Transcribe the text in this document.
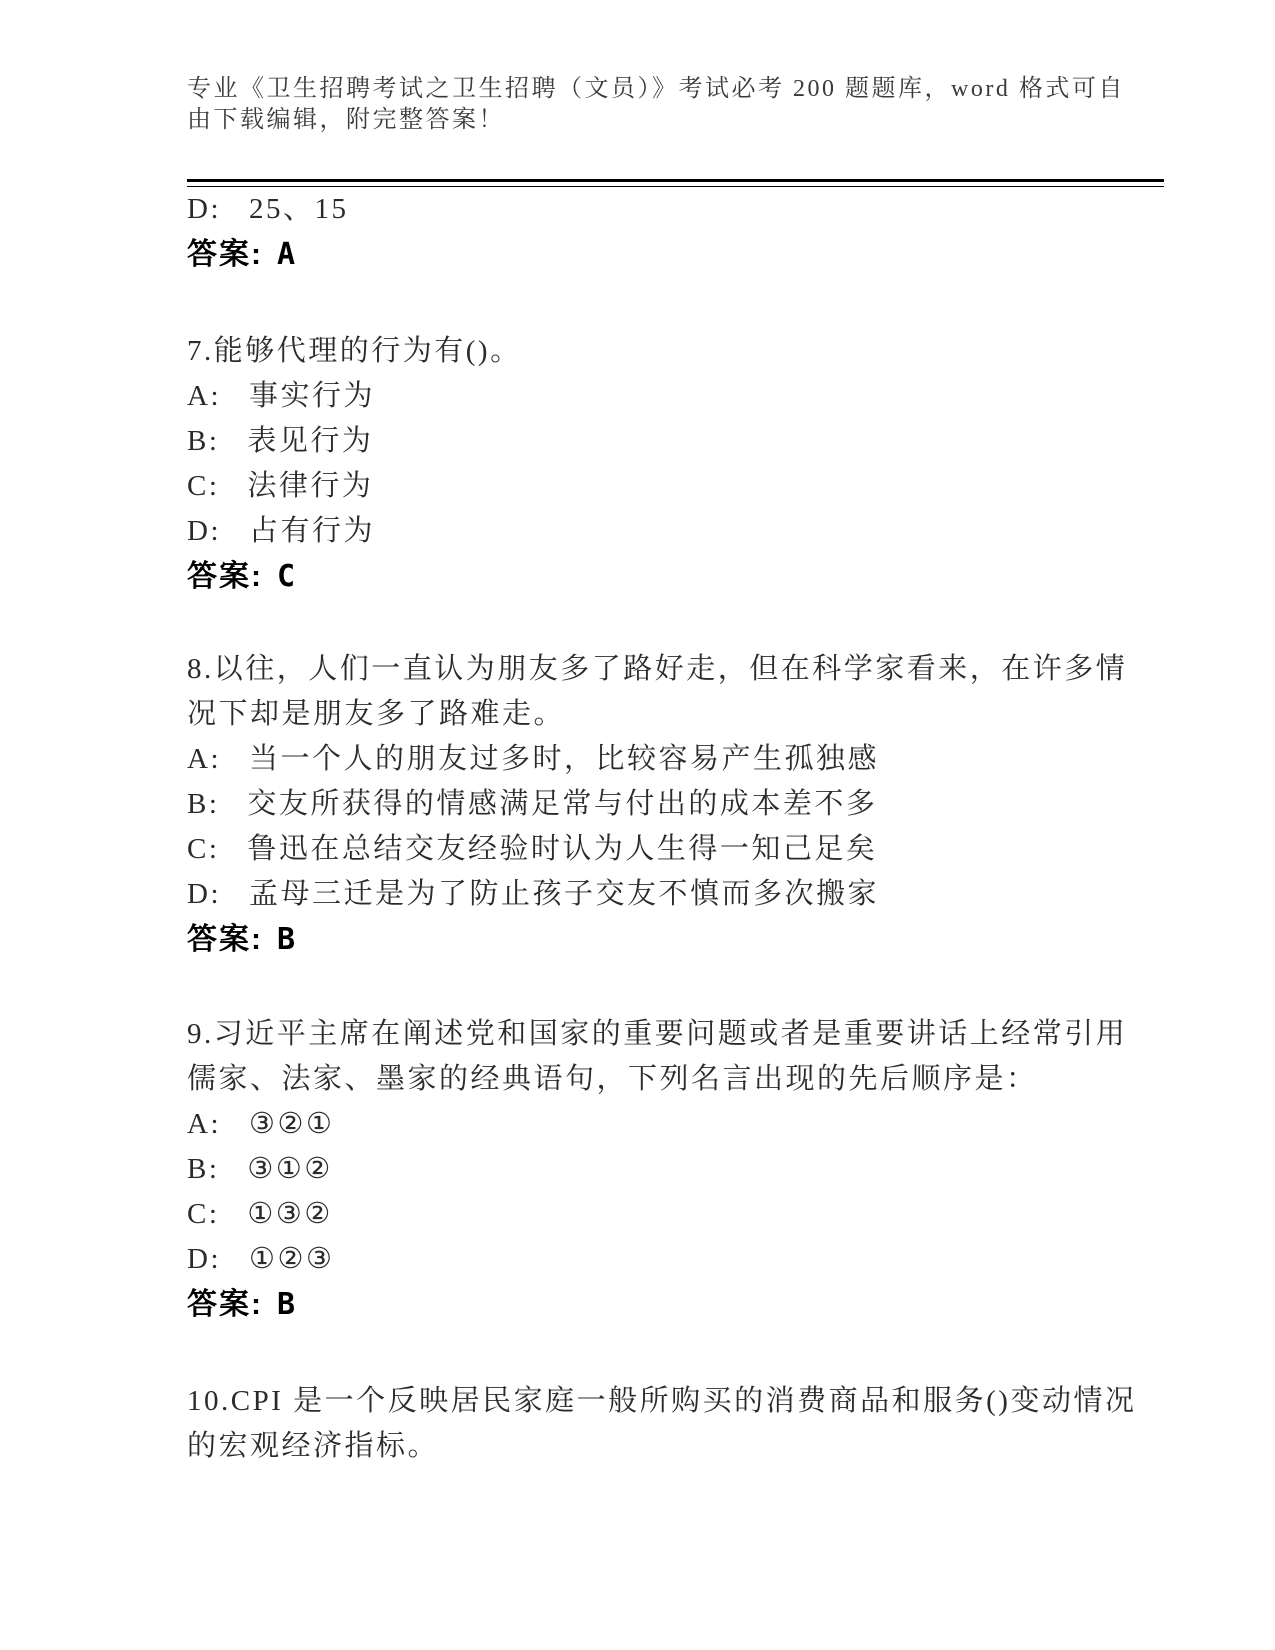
专业《卫生招聘考试之卫生招聘（文员）》考试必考 200 题题库，word 格式可自
由下载编辑，附完整答案！
D: 25、15
答案: A
7.能够代理的行为有()。
A: 事实行为
B: 表见行为
C: 法律行为
D: 占有行为
答案: C
8.以往，人们一直认为朋友多了路好走，但在科学家看来，在许多情
况下却是朋友多了路难走。
A: 当一个人的朋友过多时，比较容易产生孤独感
B: 交友所获得的情感满足常与付出的成本差不多
C: 鲁迅在总结交友经验时认为人生得一知己足矣
D: 孟母三迁是为了防止孩子交友不慎而多次搬家
答案: B
9.习近平主席在阐述党和国家的重要问题或者是重要讲话上经常引用
儒家、法家、墨家的经典语句，下列名言出现的先后顺序是：
A: ③②①
B: ③①②
C: ①③②
D: ①②③
答案: B
10.CPI 是一个反映居民家庭一般所购买的消费商品和服务()变动情况
的宏观经济指标。
